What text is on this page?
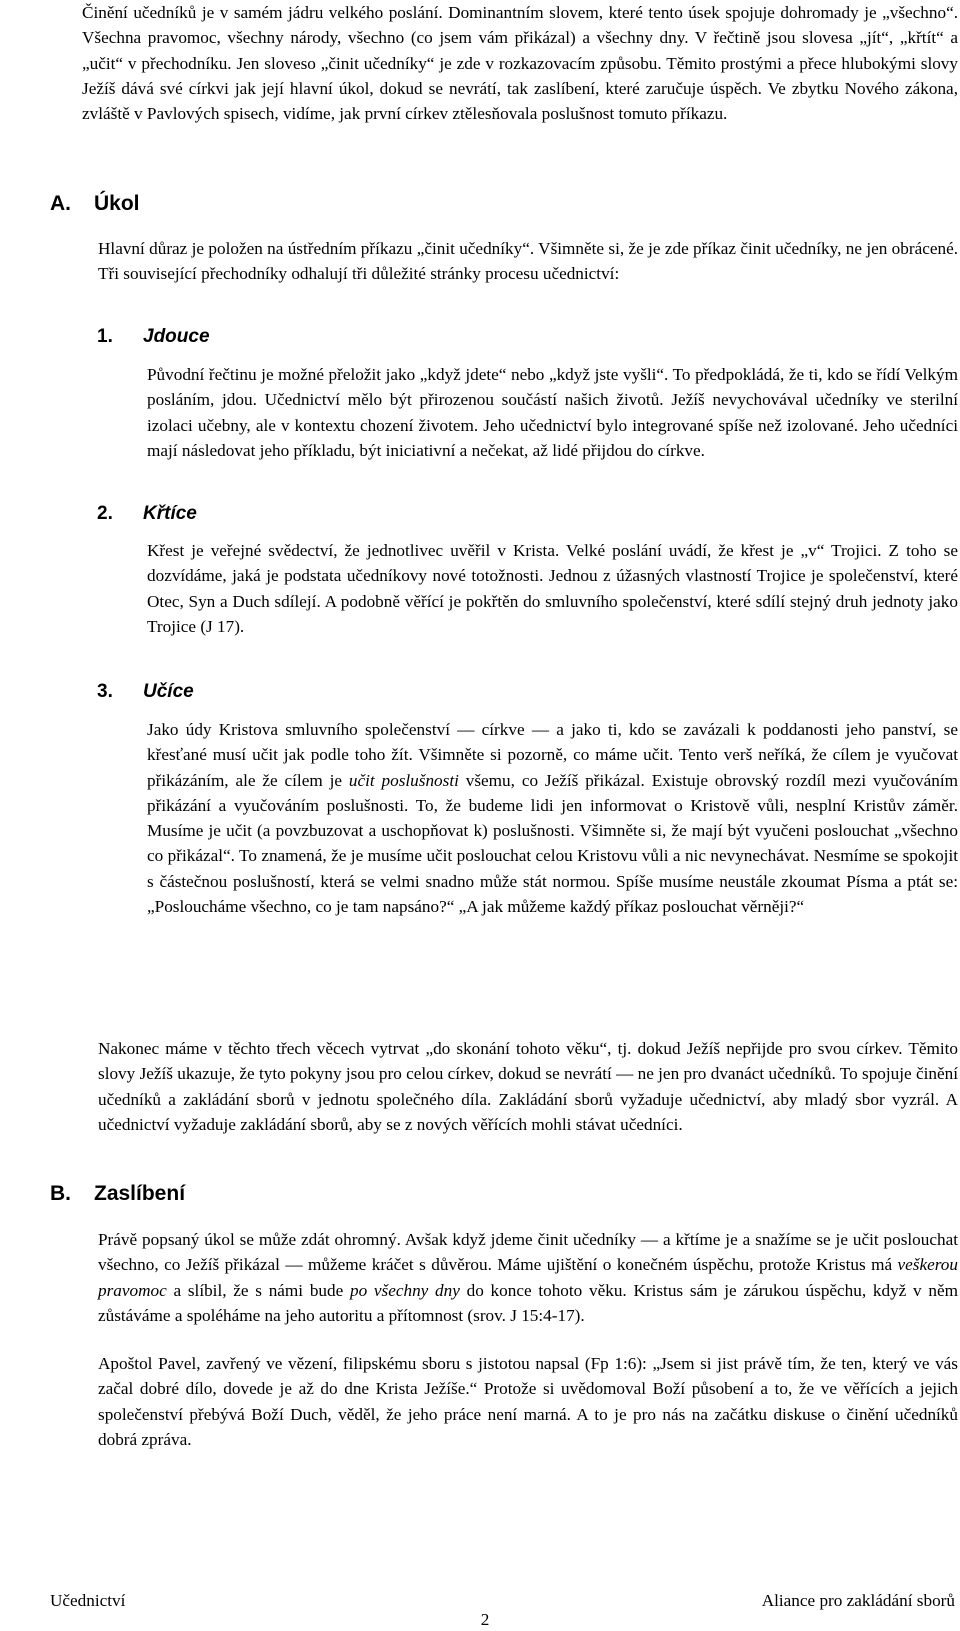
Činění učedníků je v samém jádru velkého poslání. Dominantním slovem, které tento úsek spojuje dohromady je „všechno“. Všechna pravomoc, všechny národy, všechno (co jsem vám přikázal) a všechny dny. V řečtině jsou slovesa „jít“, „křtít“ a „učit“ v přechodníku. Jen sloveso „činit učedníky“ je zde v rozkazovacím způsobu. Těmito prostými a přece hlubokými slovy Ježíš dává své církvi jak její hlavní úkol, dokud se nevrátí, tak zaslíbení, které zaručuje úspěch. Ve zbytku Nového zákona, zvláště v Pavlových spisech, vidíme, jak první církev ztělesňovala poslušnost tomuto příkazu.

A. Úkol

Hlavní důraz je položen na ústředním příkazu „činit učedníky“. Všimněte si, že je zde příkaz činit učedníky, ne jen obrácené. Tři související přechodníky odhalují tři důležité stránky procesu učednictví:

1. Jdouce

Původní řečtinu je možné přeložit jako „když jdete“ nebo „když jste vyšli“. To předpokládá, že ti, kdo se řídí Velkým posláním, jdou. Učednictví mělo být přirozenou součástí našich životů. Ježíš nevychovával učedníky ve sterilní izolaci učebny, ale v kontextu chození životem. Jeho učednictví bylo integrované spíše než izolované. Jeho učedníci mají následovat jeho příkladu, být iniciativní a nečekat, až lidé přijdou do církve.

2. Křtíce

Křest je veřejné svědectví, že jednotlivec uvěřil v Krista. Velké poslání uvádí, že křest je „v“ Trojici. Z toho se dozvídáme, jaká je podstata učedníkovy nové totožnosti. Jednou z úžasných vlastností Trojice je společenství, které Otec, Syn a Duch sdílejí. A podobně věřící je pokřtěn do smluvního společenství, které sdílí stejný druh jednoty jako Trojice (J 17).

3. Učíce

Jako údy Kristova smluvního společenství — církve — a jako ti, kdo se zavázali k poddanosti jeho panství, se křesťané musí učit jak podle toho žít. Všimněte si pozorně, co máme učit. Tento verš neříká, že cílem je vyučovat přikázáním, ale že cílem je učit poslušnosti všemu, co Ježíš přikázal. Existuje obrovský rozdíl mezi vyučováním přikázání a vyučováním poslušnosti. To, že budeme lidi jen informovat o Kristově vůli, nesplní Kristův záměr. Musíme je učit (a povzbuzovat a uschopňovat k) poslušnosti. Všimněte si, že mají být vyučeni poslouchat „všechno co přikázal“. To znamená, že je musíme učit poslouchat celou Kristovu vůli a nic nevynechávat. Nesmíme se spokojit s částečnou poslušností, která se velmi snadno může stát normou. Spíše musíme neustále zkoumat Písma a ptát se: „Posloucháme všechno, co je tam napsáno?“ „A jak můžeme každý příkaz poslouchat věrněji?“

Nakonec máme v těchto třech věcech vytrvat „do skonání tohoto věku“, tj. dokud Ježíš nepřijde pro svou církev. Těmito slovy Ježíš ukazuje, že tyto pokyny jsou pro celou církev, dokud se nevrátí — ne jen pro dvanáct učedníků. To spojuje činění učedníků a zakládání sborů v jednotu společného díla. Zakládání sborů vyžaduje učednictví, aby mladý sbor vyzrál. A učednictví vyžaduje zakládání sborů, aby se z nových věřících mohli stávat učedníci.

B. Zaslíbení

Právě popsaný úkol se může zdát ohromný. Avšak když jdeme činit učedníky — a křtíme je a snažíme se je učit poslouchat všechno, co Ježíš přikázal — můžeme kráčet s důvěrou. Máme ujištění o konečném úspěchu, protože Kristus má veškerou pravomoc a slíbil, že s námi bude po všechny dny do konce tohoto věku. Kristus sám je zárukou úspěchu, když v něm zůstáváme a spoléháme na jeho autoritu a přítomnost (srov. J 15:4-17).

Apoštol Pavel, zavřený ve vězení, filipskému sboru s jistotou napsal (Fp 1:6): „Jsem si jist právě tím, že ten, který ve vás začal dobré dílo, dovede je až do dne Krista Ježíše.“ Protože si uvědomoval Boží působení a to, že ve věřících a jejich společenství přebývá Boží Duch, věděl, že jeho práce není marná. A to je pro nás na začátku diskuse o činění učedníků dobrá zpráva.

Učednictví	Aliance pro zakládání sborů
2
